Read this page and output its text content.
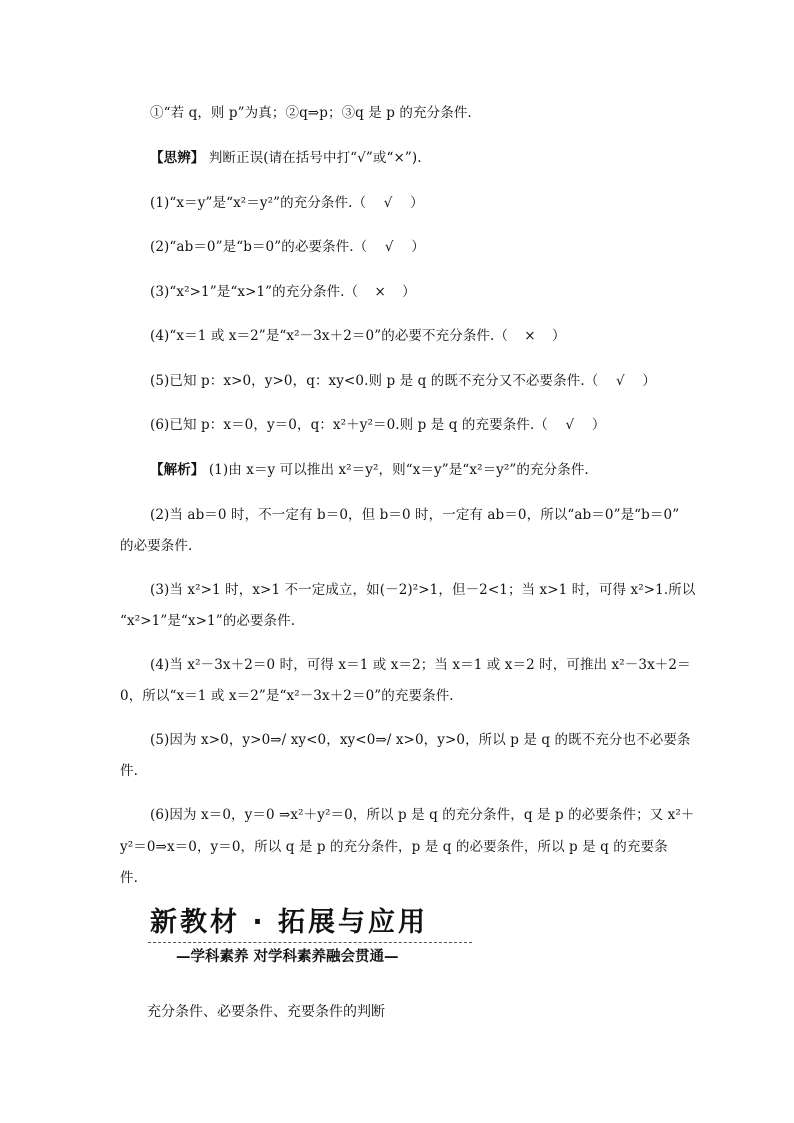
①“若 q，则 p”为真；②q⇒p；③q 是 p 的充分条件.
【思辨】 判断正误(请在括号中打“√”或“×”).
(1)“x＝y”是“x²＝y²”的充分条件.（ √ ）
(2)“ab＝0”是“b＝0”的必要条件.（ √ ）
(3)“x²>1”是“x>1”的充分条件.（ × ）
(4)“x＝1 或 x＝2”是“x²－3x＋2＝0”的必要不充分条件.（ × ）
(5)已知 p：x>0，y>0，q：xy<0.则 p 是 q 的既不充分又不必要条件.（ √ ）
(6)已知 p：x＝0，y＝0，q：x²＋y²＝0.则 p 是 q 的充要条件.（ √ ）
【解析】 (1)由 x＝y 可以推出 x²＝y²，则“x＝y”是“x²＝y²”的充分条件.
(2)当 ab＝0 时，不一定有 b＝0，但 b＝0 时，一定有 ab＝0，所以“ab＝0”是“b＝0”
的必要条件.
(3)当 x²>1 时，x>1 不一定成立，如(－2)²>1，但－2<1；当 x>1 时，可得 x²>1.所以
“x²>1”是“x>1”的必要条件.
(4)当 x²－3x＋2＝0 时，可得 x＝1 或 x＝2；当 x＝1 或 x＝2 时，可推出 x²－3x＋2＝
0，所以“x＝1 或 x＝2”是“x²－3x＋2＝0”的充要条件.
(5)因为 x>0，y>0⇒/ xy<0，xy<0⇒/ x>0，y>0，所以 p 是 q 的既不充分也不必要条
件.
(6)因为 x＝0，y＝0 ⇒x²＋y²＝0，所以 p 是 q 的充分条件，q 是 p 的必要条件；又 x²＋
y²＝0⇒x＝0，y＝0，所以 q 是 p 的充分条件，p 是 q 的必要条件，所以 p 是 q 的充要条
件.
新教材 · 拓展与应用
—学科素养 对学科素养融会贯通—
充分条件、必要条件、充要条件的判断
